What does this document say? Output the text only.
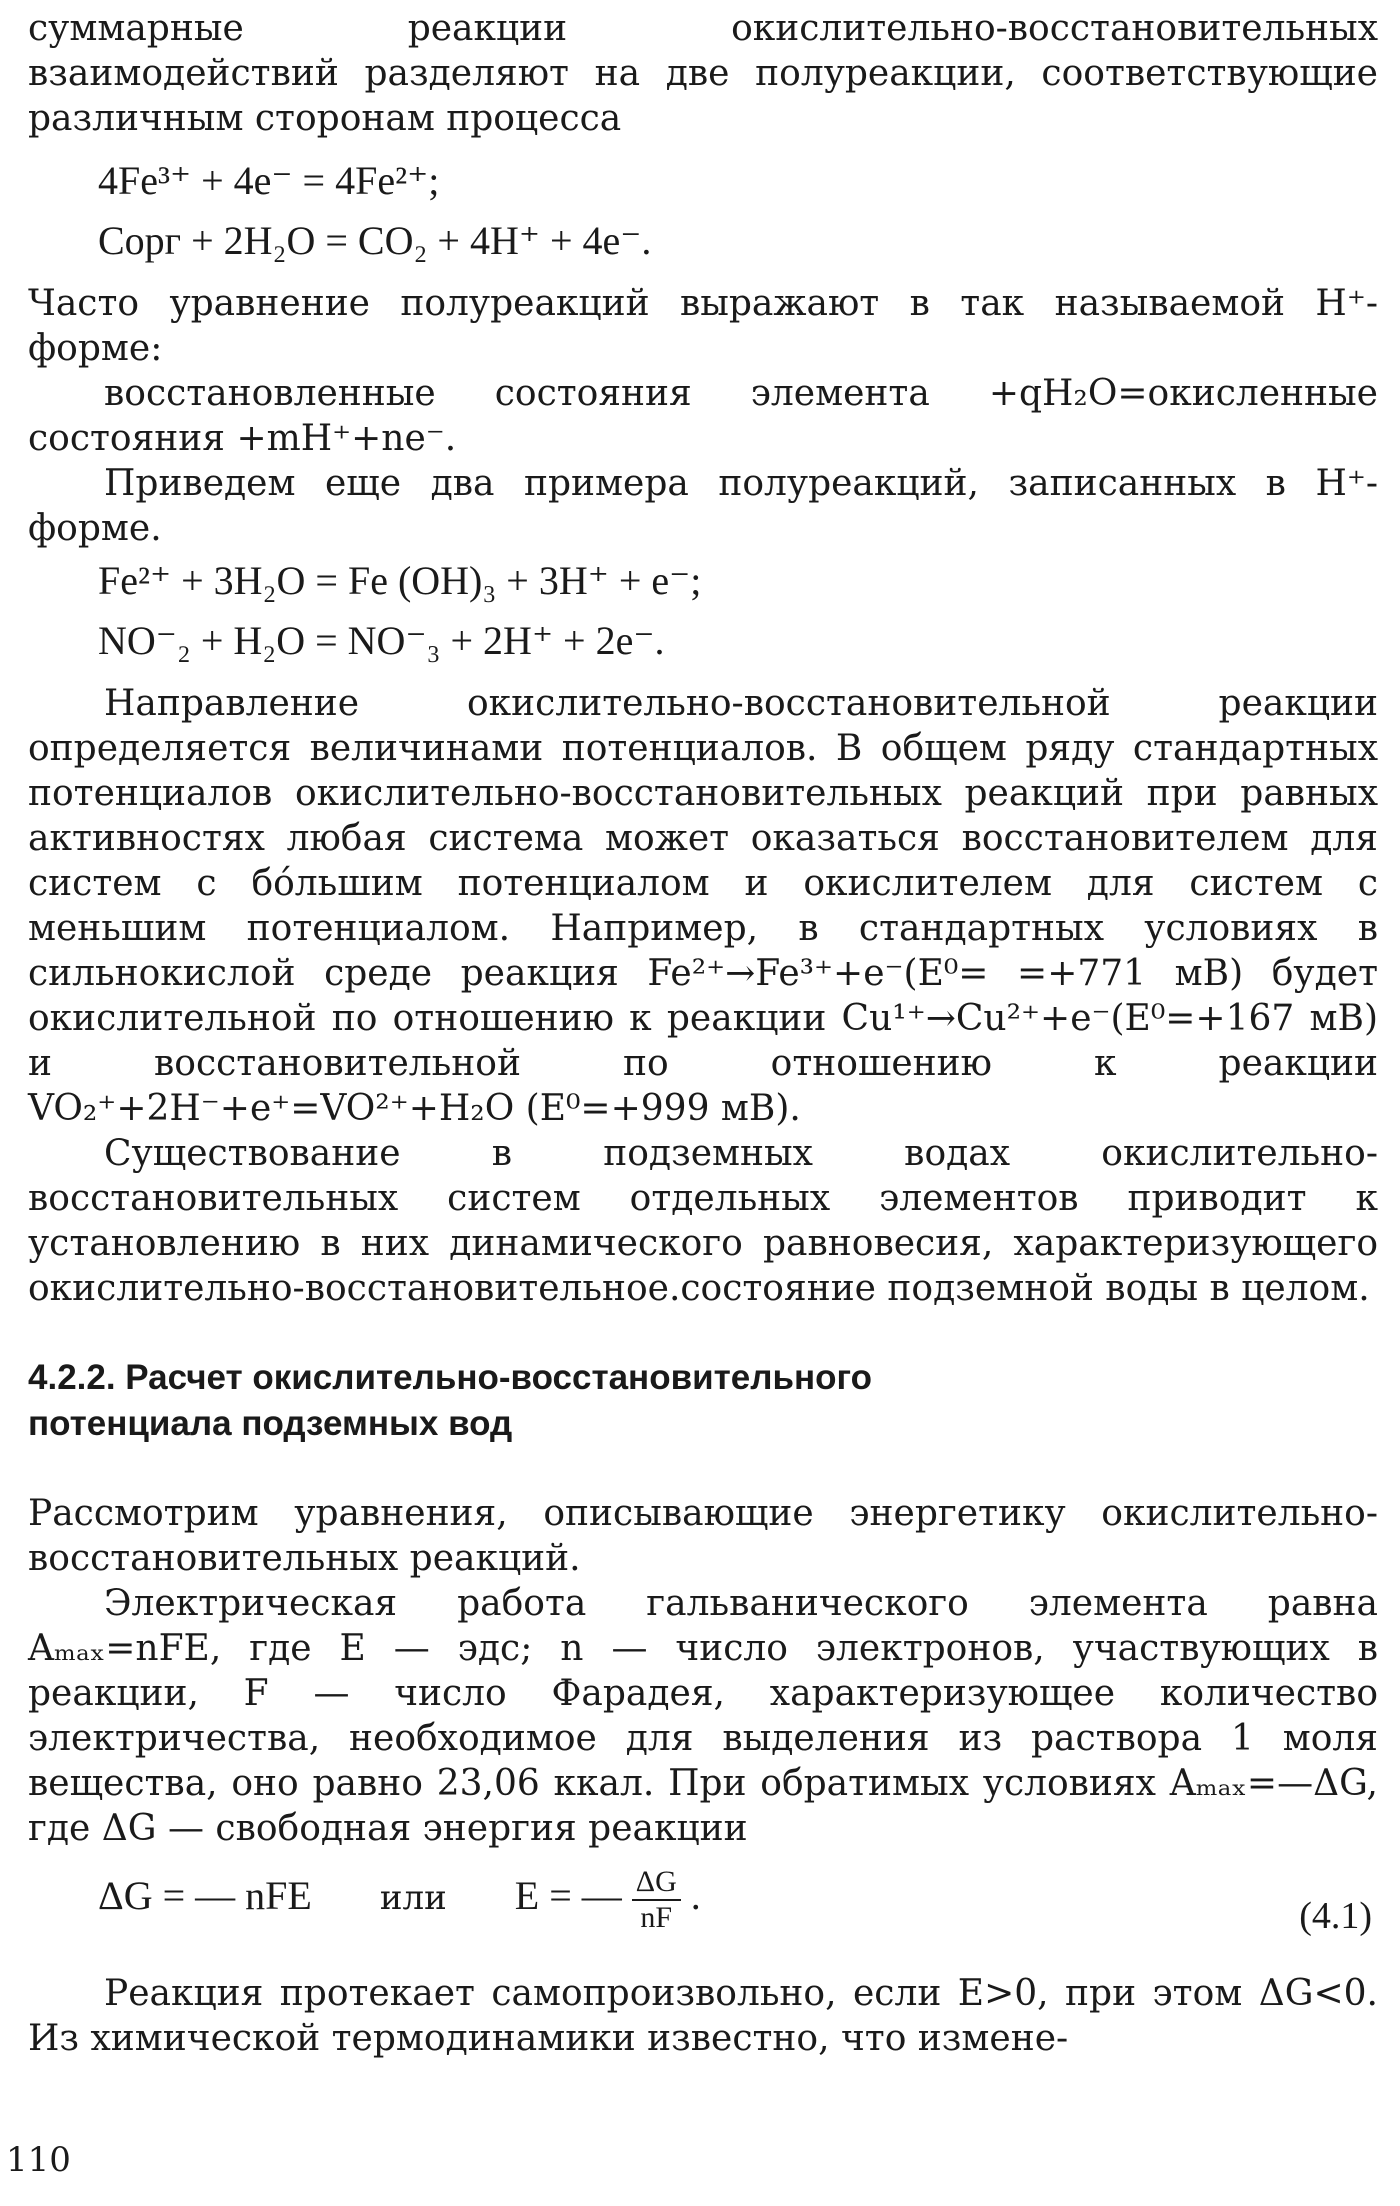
суммарные реакции окислительно-восстановительных взаимодействий разделяют на две полуреакции, соответствующие различным сторонам процесса

4Fe³⁺ + 4e⁻ = 4Fe²⁺;
Cорг + 2H₂O = CO₂ + 4H⁺ + 4e⁻.

Часто уравнение полуреакций выражают в так называемой H⁺-форме:

восстановленные состояния элемента +qH₂O=окисленные состояния +mH⁺+ne⁻.

Приведем еще два примера полуреакций, записанных в H⁺-форме.

Fe²⁺ + 3H₂O = Fe (OH)₃ + 3H⁺ + e⁻;
NO⁻₂ + H₂O = NO⁻₃ + 2H⁺ + 2e⁻.

Направление окислительно-восстановительной реакции определяется величинами потенциалов. В общем ряду стандартных потенциалов окислительно-восстановительных реакций при равных активностях любая система может оказаться восстановителем для систем с бóльшим потенциалом и окислителем для систем с меньшим потенциалом. Например, в стандартных условиях в сильнокислой среде реакция Fe²⁺→Fe³⁺+e⁻(E⁰= =+771 мВ) будет окислительной по отношению к реакции Cu¹⁺→Cu²⁺+e⁻(E⁰=+167 мВ) и восстановительной по отношению к реакции VO₂⁺+2H⁻+e⁺=VO²⁺+H₂O (E⁰=+999 мВ).

Существование в подземных водах окислительно-восстановительных систем отдельных элементов приводит к установлению в них динамического равновесия, характеризующего окислительно-восстановительное.состояние подземной воды в целом.

4.2.2. Расчет окислительно-восстановительного

потенциала подземных вод

Рассмотрим уравнения, описывающие энергетику окислительно-восстановительных реакций.

Электрическая работа гальванического элемента равна Aₘₐₓ=nFE, где E — эдс; n — число электронов, участвующих в реакции, F — число Фарадея, характеризующее количество электричества, необходимое для выделения из раствора 1 моля вещества, оно равно 23,06 ккал. При обратимых условиях Aₘₐₓ=—ΔG, где ΔG — свободная энергия реакции

ΔG = — nFE или E = — $\frac{\Delta G}{nF}$ .	(4.1)

Реакция протекает самопроизвольно, если E>0, при этом ΔG<0. Из химической термодинамики известно, что измене-

110
